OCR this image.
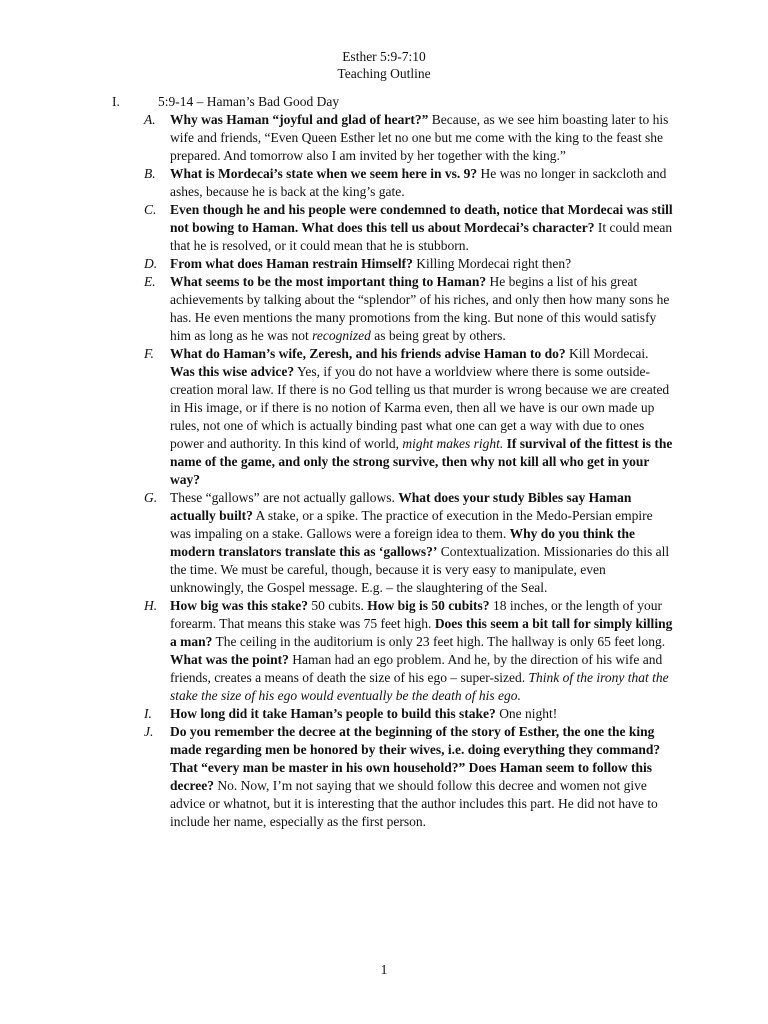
Esther 5:9-7:10
Teaching Outline
I.	5:9-14 – Haman’s Bad Good Day
A. Why was Haman “joyful and glad of heart?” Because, as we see him boasting later to his wife and friends, “Even Queen Esther let no one but me come with the king to the feast she prepared. And tomorrow also I am invited by her together with the king.”
B. What is Mordecai’s state when we seem here in vs. 9? He was no longer in sackcloth and ashes, because he is back at the king’s gate.
C. Even though he and his people were condemned to death, notice that Mordecai was still not bowing to Haman. What does this tell us about Mordecai’s character? It could mean that he is resolved, or it could mean that he is stubborn.
D. From what does Haman restrain Himself? Killing Mordecai right then?
E. What seems to be the most important thing to Haman? He begins a list of his great achievements by talking about the “splendor” of his riches, and only then how many sons he has. He even mentions the many promotions from the king. But none of this would satisfy him as long as he was not recognized as being great by others.
F. What do Haman’s wife, Zeresh, and his friends advise Haman to do? Kill Mordecai. Was this wise advice? Yes, if you do not have a worldview where there is some outside-creation moral law. If there is no God telling us that murder is wrong because we are created in His image, or if there is no notion of Karma even, then all we have is our own made up rules, not one of which is actually binding past what one can get a way with due to ones power and authority. In this kind of world, might makes right. If survival of the fittest is the name of the game, and only the strong survive, then why not kill all who get in your way?
G. These “gallows” are not actually gallows. What does your study Bibles say Haman actually built? A stake, or a spike. The practice of execution in the Medo-Persian empire was impaling on a stake. Gallows were a foreign idea to them. Why do you think the modern translators translate this as ‘gallows?’ Contextualization. Missionaries do this all the time. We must be careful, though, because it is very easy to manipulate, even unknowingly, the Gospel message. E.g. – the slaughtering of the Seal.
H. How big was this stake? 50 cubits. How big is 50 cubits? 18 inches, or the length of your forearm. That means this stake was 75 feet high. Does this seem a bit tall for simply killing a man? The ceiling in the auditorium is only 23 feet high. The hallway is only 65 feet long. What was the point? Haman had an ego problem. And he, by the direction of his wife and friends, creates a means of death the size of his ego – super-sized. Think of the irony that the stake the size of his ego would eventually be the death of his ego.
I. How long did it take Haman’s people to build this stake? One night!
J. Do you remember the decree at the beginning of the story of Esther, the one the king made regarding men be honored by their wives, i.e. doing everything they command? That “every man be master in his own household?” Does Haman seem to follow this decree? No. Now, I’m not saying that we should follow this decree and women not give advice or whatnot, but it is interesting that the author includes this part. He did not have to include her name, especially as the first person.
1
